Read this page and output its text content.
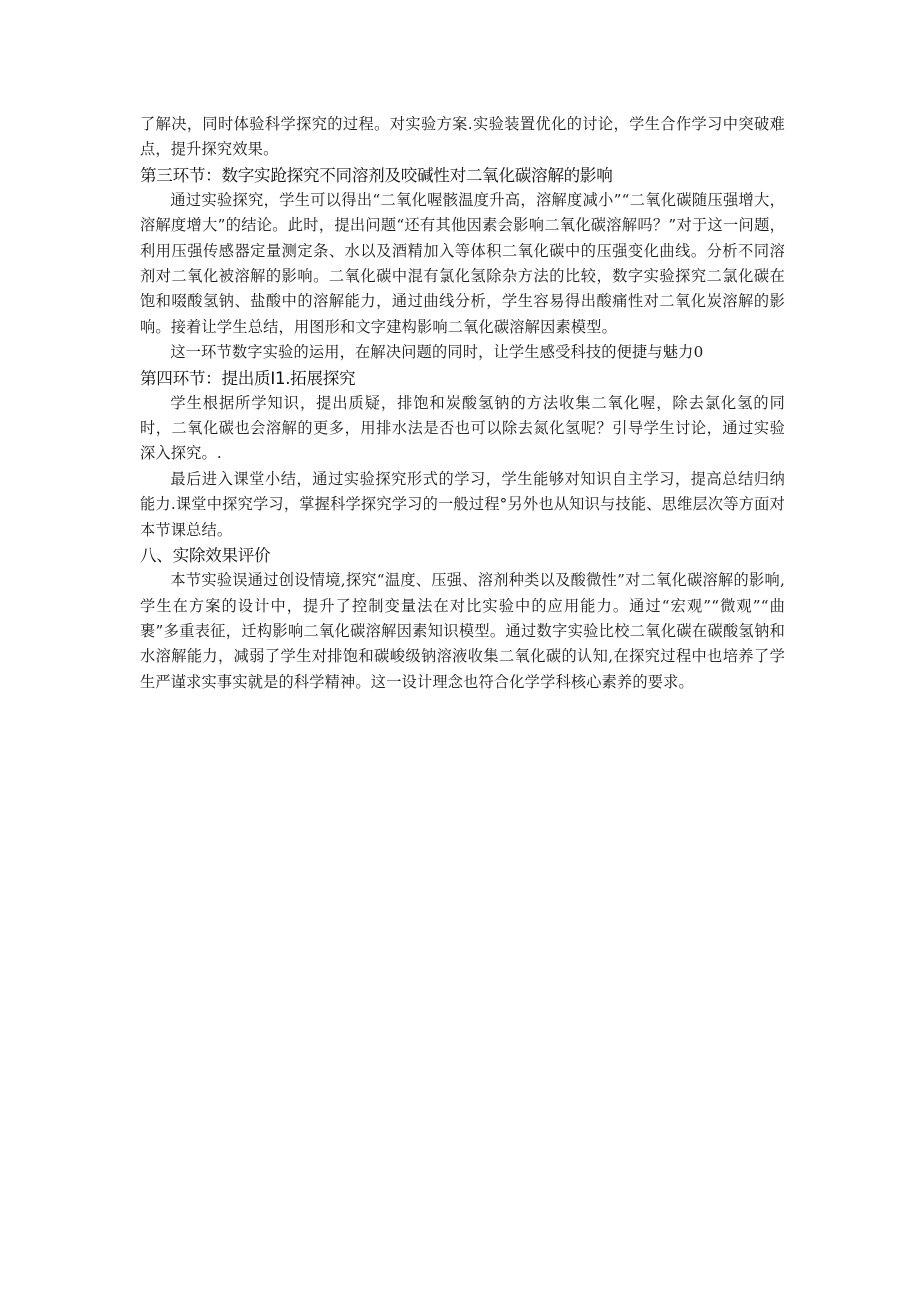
了解决，同时体验科学探究的过程。对实验方案.实验装置优化的讨论，学生合作学习中突破难点，提升探究效果。

第三环节：数字实跄探究不同溶剂及咬碱性对二氧化碳溶解的影响

通过实验探究，学生可以得出“二氧化喔骸温度升高，溶解度减小”“二氧化碳随压强增大，溶解度增大”的结论。此时，提出问题“还有其他因素会影响二氧化碳溶解吗？”对于这一问题，利用压强传感器定量测定条、水以及酒精加入等体积二氧化碳中的压强变化曲线。分析不同溶剂对二氧化被溶解的影响。二氧化碳中混有氯化氢除杂方法的比较，数字实验探究二氯化碳在饱和啜酸氢钠、盐酸中的溶解能力，通过曲线分析，学生容易得出酸痛性对二氧化炭溶解的影响。接着让学生总结，用图形和文字建构影响二氧化碳溶解因素模型。

这一环节数字实验的运用，在解决问题的同时，让学生感受科技的便捷与魅力0

第四环节：提出质I1.拓展探究

学生根据所学知识，提出质疑，排饱和炭酸氢钠的方法收集二氧化喔，除去氯化氢的同时，二氧化碳也会溶解的更多，用排水法是否也可以除去氮化氢呢？引导学生讨论，通过实验深入探究。.

最后进入课堂小结，通过实验探究形式的学习，学生能够对知识自主学习，提高总结归纳能力.课堂中探究学习，掌握科学探究学习的一般过程°另外也从知识与技能、思维层次等方面对本节课总结。

八、实除效果评价

本节实验误通过创设情境,探究“温度、压强、溶剂种类以及酸微性”对二氧化碳溶解的影响,学生在方案的设计中，提升了控制变量法在对比实验中的应用能力。通过“宏观”“微观”“曲裹”多重表征，迁构影响二氧化碳溶解因素知识模型。通过数字实验比校二氧化碳在碳酸氢钠和水溶解能力，减弱了学生对排饱和碳峻级钠溶液收集二氧化碳的认知,在探究过程中也培养了学生严谨求实事实就是的科学精神。这一设计理念也符合化学学科核心素养的要求。
